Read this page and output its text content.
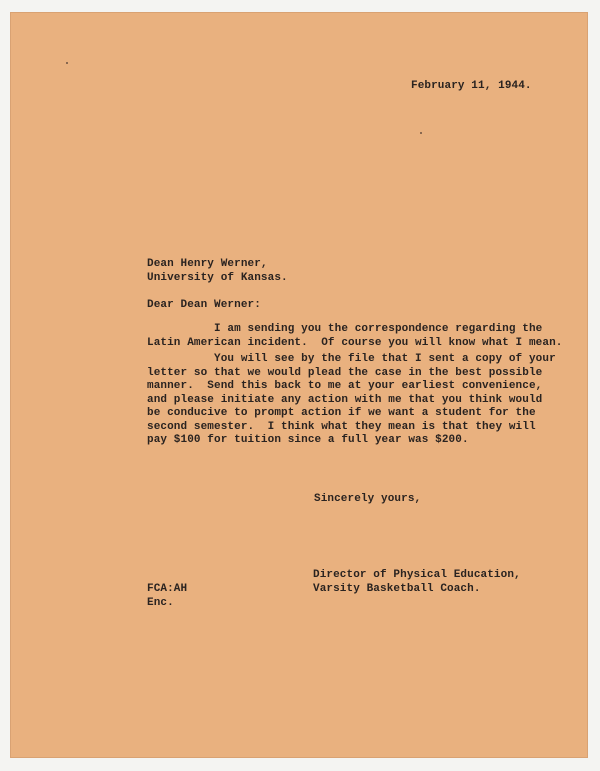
February 11, 1944.

Dean Henry Werner,

University of Kansas.

Dear Dean Werner:

I am sending you the correspondence regarding the
Latin American incident.  Of course you will know what I mean.

You will see by the file that I sent a copy of your
letter so that we would plead the case in the best possible
manner.  Send this back to me at your earliest convenience,
and please initiate any action with me that you think would
be conducive to prompt action if we want a student for the
second semester.  I think what they mean is that they will
pay $100 for tuition since a full year was $200.

Sincerely yours,

Director of Physical Education,

Varsity Basketball Coach.

FCA:AH

Enc.
